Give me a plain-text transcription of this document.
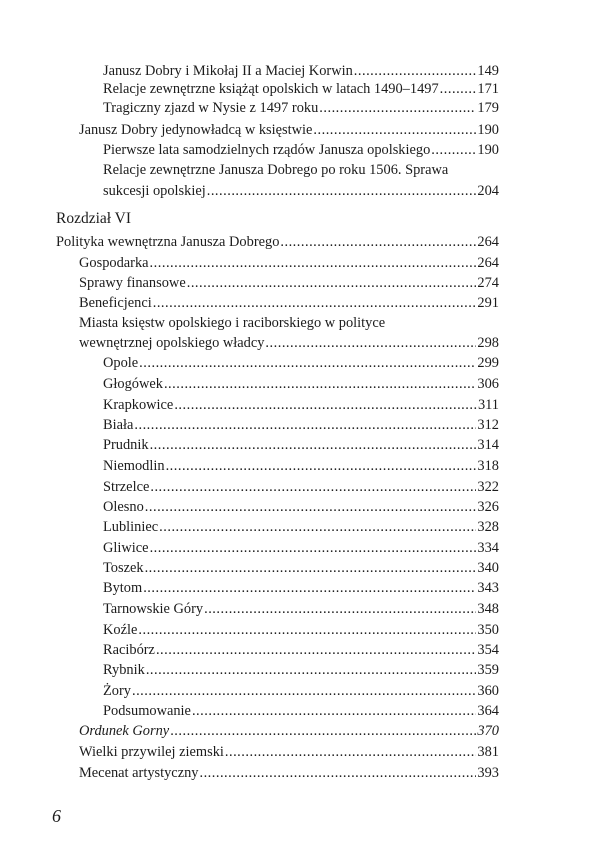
Janusz Dobry i Mikołaj II a Maciej Korwin .....	149
Relacje zewnętrzne książąt opolskich w latach 1490–1497 .....	171
Tragiczny zjazd w Nysie z 1497 roku .....	179
Janusz Dobry jedynowładcą w księstwie .....	190
Pierwsze lata samodzielnych rządów Janusza opolskiego .....	190
Relacje zewnętrzne Janusza Dobrego po roku 1506. Sprawa
sukcesji opolskiej .....	204
Rozdział VI
Polityka wewnętrzna Janusza Dobrego .....	264
Gospodarka .....	264
Sprawy finansowe .....	274
Beneficjenci .....	291
Miasta księstw opolskiego i raciborskiego w polityce
wewnętrznej opolskiego władcy .....	298
Opole .....	299
Głogówek .....	306
Krapkowice .....	311
Biała .....	312
Prudnik .....	314
Niemodlin .....	318
Strzelce .....	322
Olesno .....	326
Lubliniec .....	328
Gliwice .....	334
Toszek .....	340
Bytom .....	343
Tarnowskie Góry .....	348
Koźle .....	350
Racibórz .....	354
Rybnik .....	359
Żory .....	360
Podsumowanie .....	364
Ordunek Gorny .....	370
Wielki przywilej ziemski .....	381
Mecenat artystyczny .....	393
6
